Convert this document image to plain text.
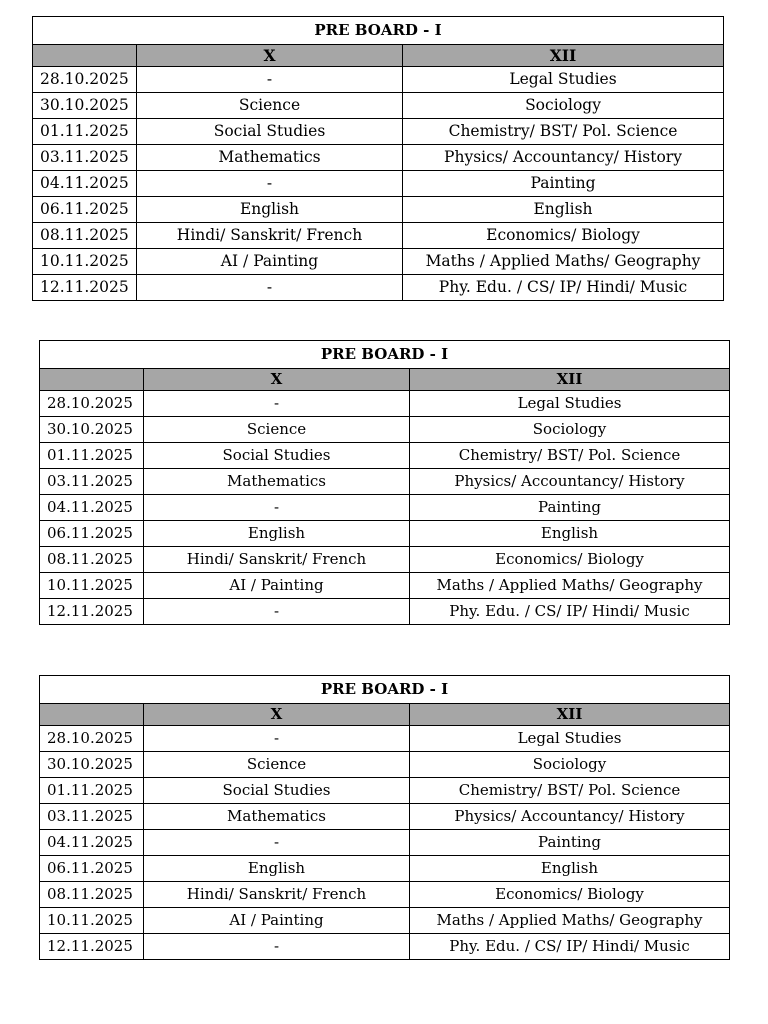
PRE BOARD - I		
	X	XII
28.10.2025	-	Legal Studies
30.10.2025	Science	Sociology
01.11.2025	Social Studies	Chemistry/ BST/ Pol. Science
03.11.2025	Mathematics	Physics/ Accountancy/ History
04.11.2025	-	Painting
06.11.2025	English	English
08.11.2025	Hindi/ Sanskrit/ French	Economics/ Biology
10.11.2025	AI / Painting	Maths / Applied Maths/ Geography
12.11.2025	-	Phy. Edu. / CS/ IP/ Hindi/ Music
PRE BOARD - I		
	X	XII
28.10.2025	-	Legal Studies
30.10.2025	Science	Sociology
01.11.2025	Social Studies	Chemistry/ BST/ Pol. Science
03.11.2025	Mathematics	Physics/ Accountancy/ History
04.11.2025	-	Painting
06.11.2025	English	English
08.11.2025	Hindi/ Sanskrit/ French	Economics/ Biology
10.11.2025	AI / Painting	Maths / Applied Maths/ Geography
12.11.2025	-	Phy. Edu. / CS/ IP/ Hindi/ Music
PRE BOARD - I		
	X	XII
28.10.2025	-	Legal Studies
30.10.2025	Science	Sociology
01.11.2025	Social Studies	Chemistry/ BST/ Pol. Science
03.11.2025	Mathematics	Physics/ Accountancy/ History
04.11.2025	-	Painting
06.11.2025	English	English
08.11.2025	Hindi/ Sanskrit/ French	Economics/ Biology
10.11.2025	AI / Painting	Maths / Applied Maths/ Geography
12.11.2025	-	Phy. Edu. / CS/ IP/ Hindi/ Music
